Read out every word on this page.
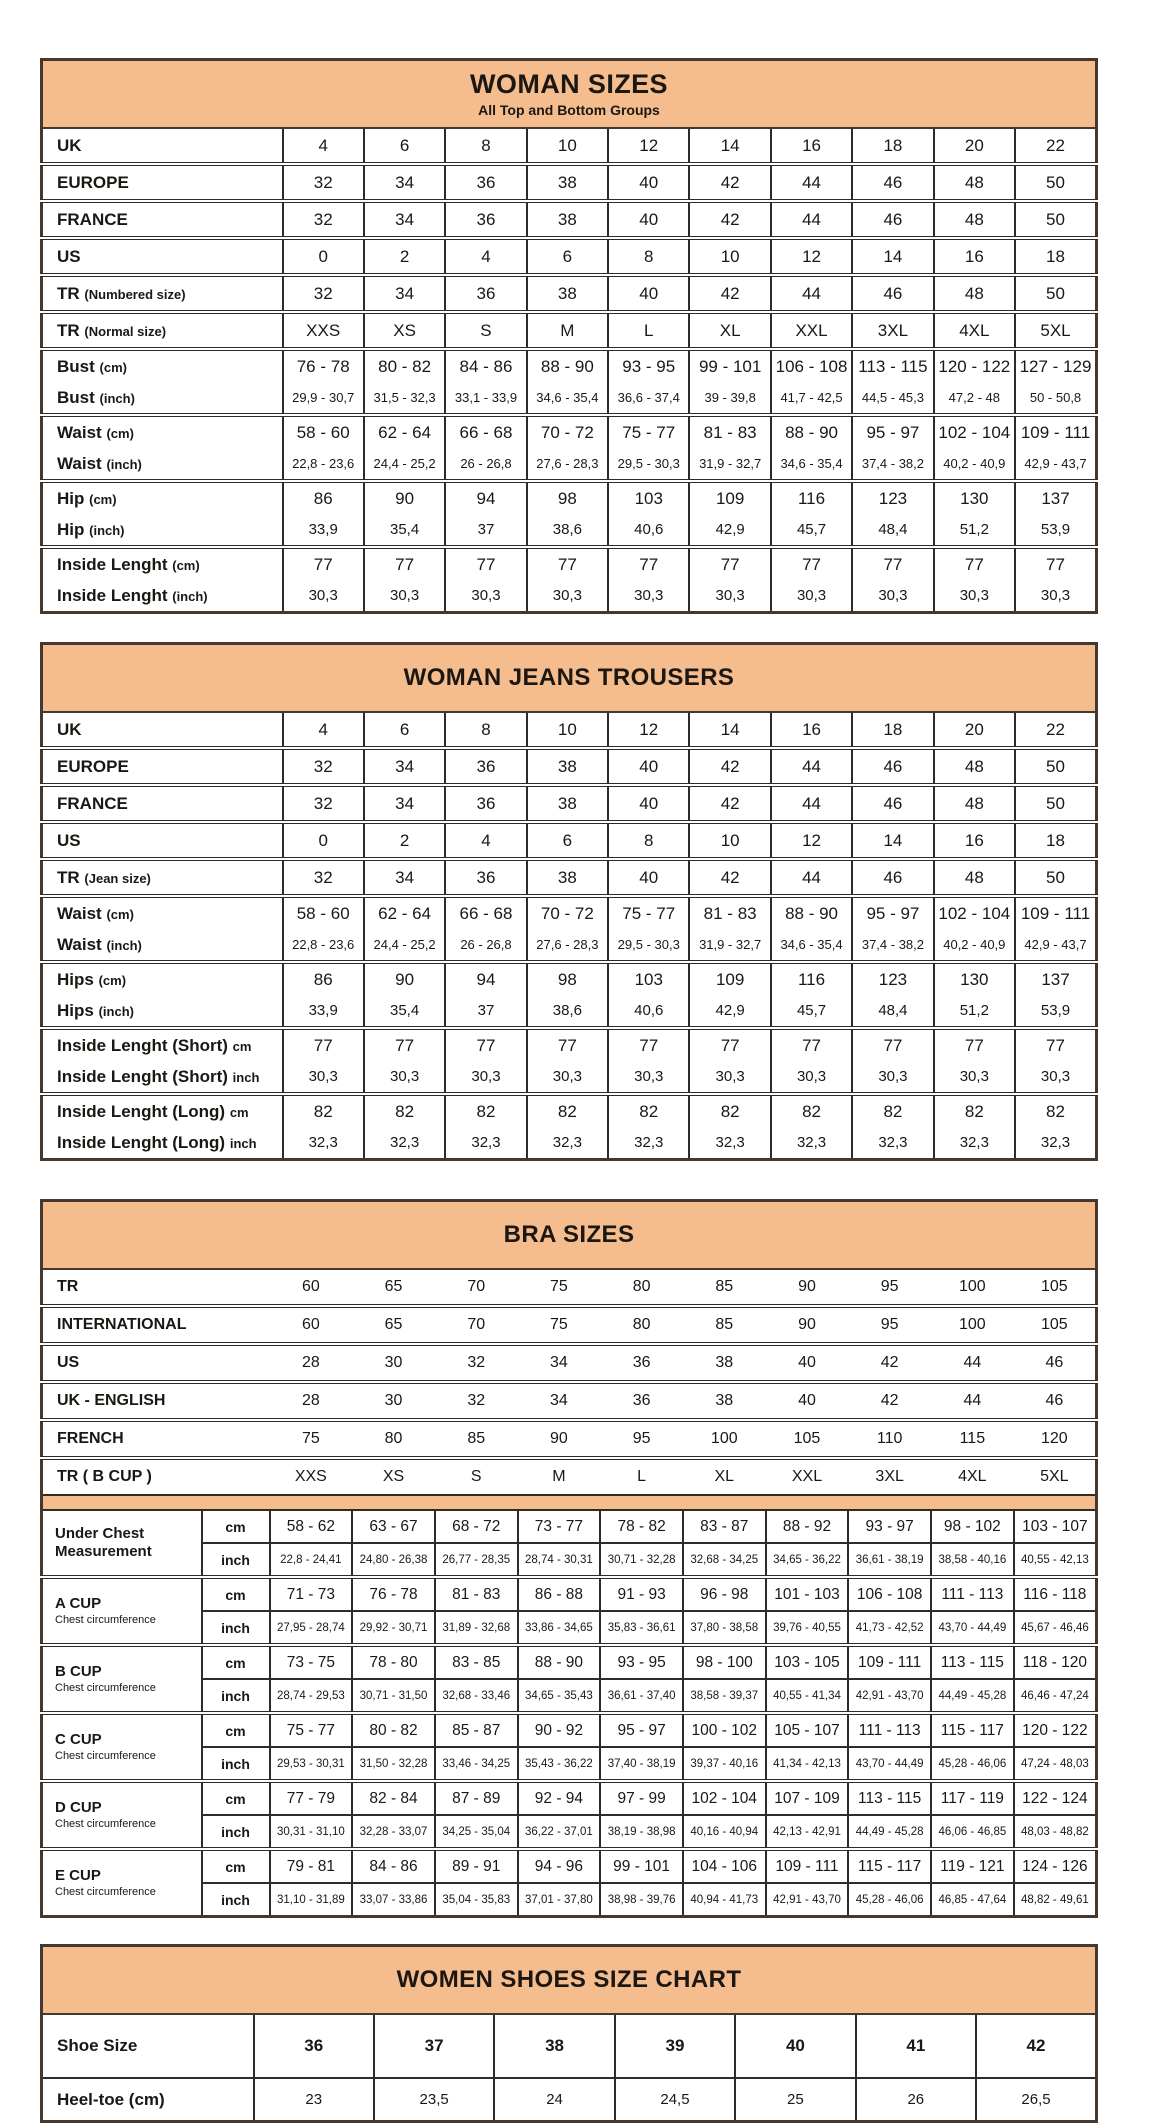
WOMAN SIZES
All Top and Bottom Groups										

UK	4	6	8	10	12	14	16	18	20	22
EUROPE	32	34	36	38	40	42	44	46	48	50
FRANCE	32	34	36	38	40	42	44	46	48	50
US	0	2	4	6	8	10	12	14	16	18
TR (Numbered size)	32	34	36	38	40	42	44	46	48	50
TR (Normal size)	XXS	XS	S	M	L	XL	XXL	3XL	4XL	5XL
Bust (cm)	76 - 78	80 - 82	84 - 86	88 - 90	93 - 95	99 - 101	106 - 108	113 - 115	120 - 122	127 - 129
Bust (inch)	29,9 - 30,7	31,5 - 32,3	33,1 - 33,9	34,6 - 35,4	36,6 - 37,4	39 - 39,8	41,7 - 42,5	44,5 - 45,3	47,2 - 48	50 - 50,8
Waist (cm)	58 - 60	62 - 64	66 - 68	70 - 72	75 - 77	81 - 83	88 - 90	95 - 97	102 - 104	109 - 111
Waist (inch)	22,8 - 23,6	24,4 - 25,2	26 - 26,8	27,6 - 28,3	29,5 - 30,3	31,9 - 32,7	34,6 - 35,4	37,4 - 38,2	40,2 - 40,9	42,9 - 43,7
Hip (cm)	86	90	94	98	103	109	116	123	130	137
Hip (inch)	33,9	35,4	37	38,6	40,6	42,9	45,7	48,4	51,2	53,9
Inside Lenght (cm)	77	77	77	77	77	77	77	77	77	77
Inside Lenght (inch)	30,3	30,3	30,3	30,3	30,3	30,3	30,3	30,3	30,3	30,3
WOMAN JEANS TROUSERS										

UK	4	6	8	10	12	14	16	18	20	22
EUROPE	32	34	36	38	40	42	44	46	48	50
FRANCE	32	34	36	38	40	42	44	46	48	50
US	0	2	4	6	8	10	12	14	16	18
TR (Jean size)	32	34	36	38	40	42	44	46	48	50
Waist (cm)	58 - 60	62 - 64	66 - 68	70 - 72	75 - 77	81 - 83	88 - 90	95 - 97	102 - 104	109 - 111
Waist (inch)	22,8 - 23,6	24,4 - 25,2	26 - 26,8	27,6 - 28,3	29,5 - 30,3	31,9 - 32,7	34,6 - 35,4	37,4 - 38,2	40,2 - 40,9	42,9 - 43,7
Hips (cm)	86	90	94	98	103	109	116	123	130	137
Hips (inch)	33,9	35,4	37	38,6	40,6	42,9	45,7	48,4	51,2	53,9
Inside Lenght (Short) cm	77	77	77	77	77	77	77	77	77	77
Inside Lenght (Short) inch	30,3	30,3	30,3	30,3	30,3	30,3	30,3	30,3	30,3	30,3
Inside Lenght (Long) cm	82	82	82	82	82	82	82	82	82	82
Inside Lenght (Long) inch	32,3	32,3	32,3	32,3	32,3	32,3	32,3	32,3	32,3	32,3
BRA SIZES											

TR		60	65	70	75	80	85	90	95	100	105
INTERNATIONAL		60	65	70	75	80	85	90	95	100	105
US		28	30	32	34	36	38	40	42	44	46
UK - ENGLISH		28	30	32	34	36	38	40	42	44	46
FRENCH		75	80	85	90	95	100	105	110	115	120
TR ( B CUP )		XXS	XS	S	M	L	XL	XXL	3XL	4XL	5XL

Under Chest Measurement	cm	58 - 62	63 - 67	68 - 72	73 - 77	78 - 82	83 - 87	88 - 92	93 - 97	98 - 102	103 - 107
	inch	22,8 - 24,41	24,80 - 26,38	26,77 - 28,35	28,74 - 30,31	30,71 - 32,28	32,68 - 34,25	34,65 - 36,22	36,61 - 38,19	38,58 - 40,16	40,55 - 42,13
A CUP
Chest circumference	cm	71 - 73	76 - 78	81 - 83	86 - 88	91 - 93	96 - 98	101 - 103	106 - 108	111 - 113	116 - 118
	inch	27,95 - 28,74	29,92 - 30,71	31,89 - 32,68	33,86 - 34,65	35,83 - 36,61	37,80 - 38,58	39,76 - 40,55	41,73 - 42,52	43,70 - 44,49	45,67 - 46,46
B CUP
Chest circumference	cm	73 - 75	78 - 80	83 - 85	88 - 90	93 - 95	98 - 100	103 - 105	109 - 111	113 - 115	118 - 120
	inch	28,74 - 29,53	30,71 - 31,50	32,68 - 33,46	34,65 - 35,43	36,61 - 37,40	38,58 - 39,37	40,55 - 41,34	42,91 - 43,70	44,49 - 45,28	46,46 - 47,24
C CUP
Chest circumference	cm	75 - 77	80 - 82	85 - 87	90 - 92	95 - 97	100 - 102	105 - 107	111 - 113	115 - 117	120 - 122
	inch	29,53 - 30,31	31,50 - 32,28	33,46 - 34,25	35,43 - 36,22	37,40 - 38,19	39,37 - 40,16	41,34 - 42,13	43,70 - 44,49	45,28 - 46,06	47,24 - 48,03
D CUP
Chest circumference	cm	77 - 79	82 - 84	87 - 89	92 - 94	97 - 99	102 - 104	107 - 109	113 - 115	117 - 119	122 - 124
	inch	30,31 - 31,10	32,28 - 33,07	34,25 - 35,04	36,22 - 37,01	38,19 - 38,98	40,16 - 40,94	42,13 - 42,91	44,49 - 45,28	46,06 - 46,85	48,03 - 48,82
E CUP
Chest circumference	cm	79 - 81	84 - 86	89 - 91	94 - 96	99 - 101	104 - 106	109 - 111	115 - 117	119 - 121	124 - 126
	inch	31,10 - 31,89	33,07 - 33,86	35,04 - 35,83	37,01 - 37,80	38,98 - 39,76	40,94 - 41,73	42,91 - 43,70	45,28 - 46,06	46,85 - 47,64	48,82 - 49,61
WOMEN SHOES SIZE CHART							

Shoe Size	36	37	38	39	40	41	42
Heel-toe (cm)	23	23,5	24	24,5	25	26	26,5
